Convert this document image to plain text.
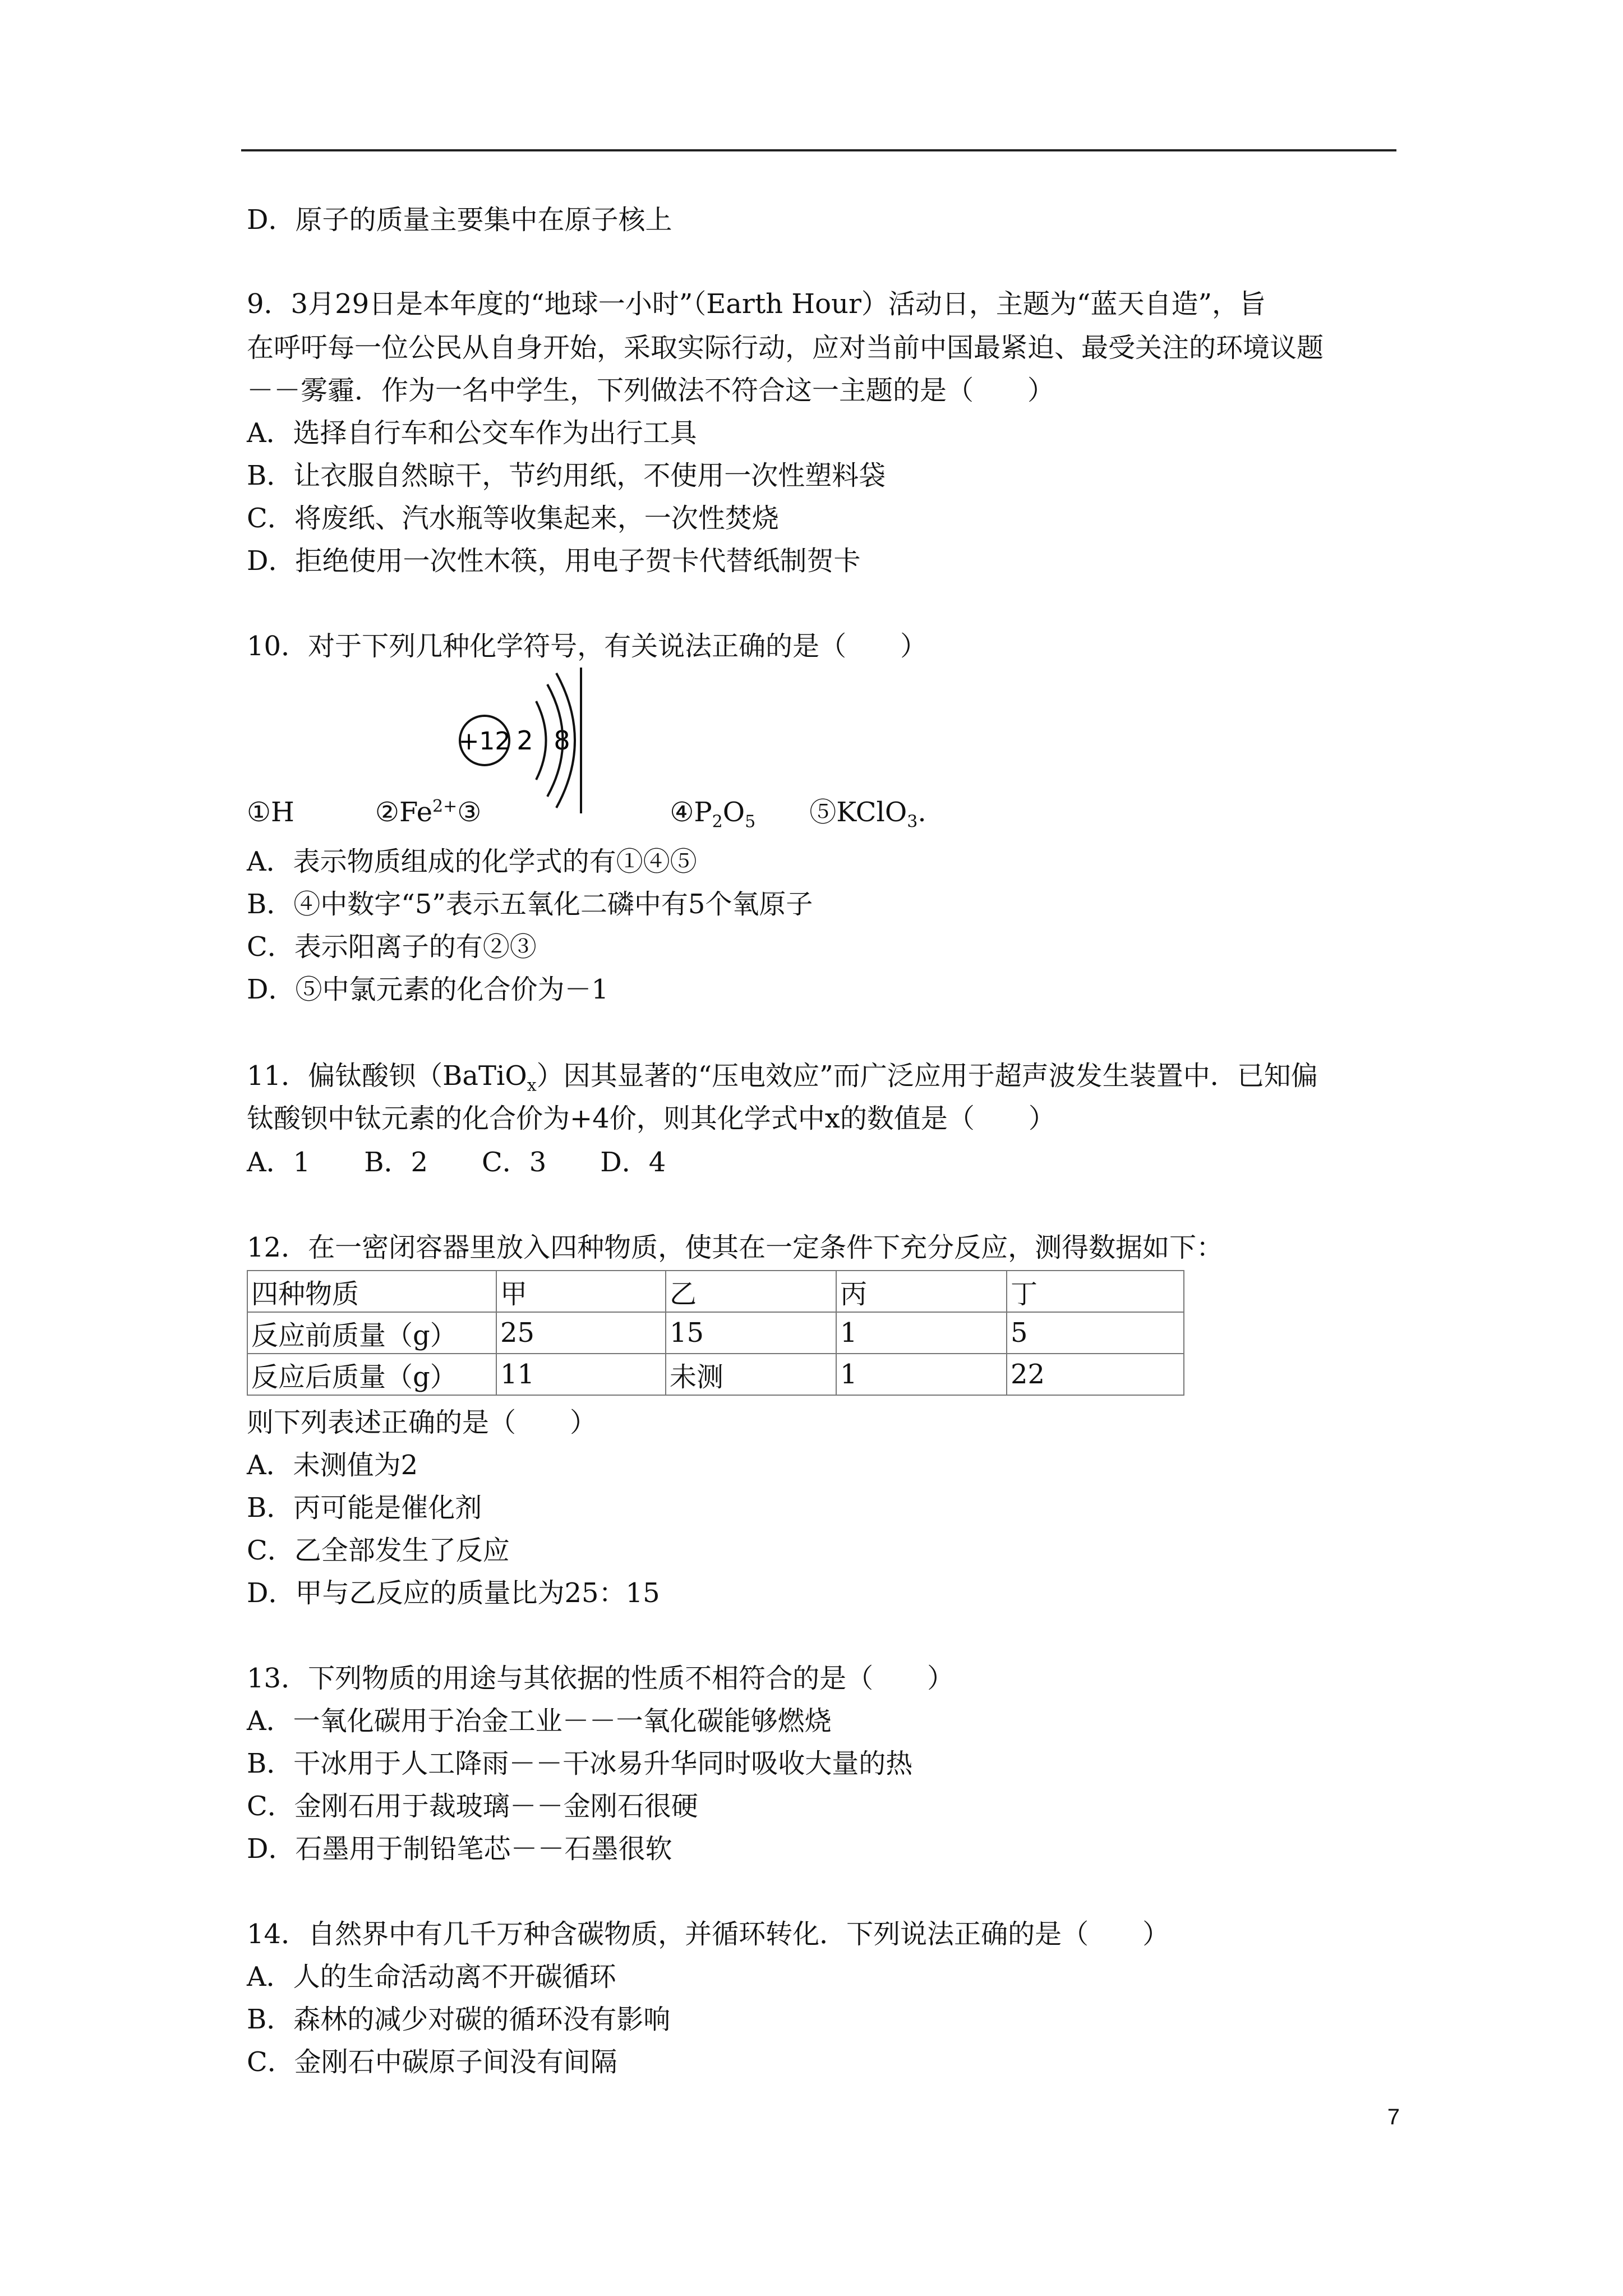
D．原子的质量主要集中在原子核上
9．3月29日是本年度的“地球一小时”（Earth Hour）活动日，主题为“蓝天自造”，旨
在呼吁每一位公民从自身开始，采取实际行动，应对当前中国最紧迫、最受关注的环境议题
－－雾霾．作为一名中学生，下列做法不符合这一主题的是（　　）
A．选择自行车和公交车作为出行工具
B．让衣服自然晾干，节约用纸，不使用一次性塑料袋
C．将废纸、汽水瓶等收集起来，一次性焚烧
D．拒绝使用一次性木筷，用电子贺卡代替纸制贺卡
10．对于下列几种化学符号，有关说法正确的是（　　）
+12 2 8
①H　　　	$②Fe^{2+}③$　　　　　　　	$④P_2O_5$　　 ⑤KClO$_3$.
A．表示物质组成的化学式的有①④⑤
B．④中数字“5”表示五氧化二磷中有5个氧原子
C．表示阳离子的有②③
D．⑤中氯元素的化合价为－1
11．偏钛酸钡（BaTiO$_x$）因其显著的“压电效应”而广泛应用于超声波发生装置中．已知偏
钛酸钡中钛元素的化合价为+4价，则其化学式中x的数值是（　　）
A．1　　B．2　　C．3　　D．4
12．在一密闭容器里放入四种物质，使其在一定条件下充分反应，测得数据如下：
四种物质	甲	乙	丙	丁
反应前质量（g）	25	15	1	5
反应后质量（g）	11	未测	1	22
则下列表述正确的是（　　）
A．未测值为2
B．丙可能是催化剂
C．乙全部发生了反应
D．甲与乙反应的质量比为25：15
13．下列物质的用途与其依据的性质不相符合的是（　　）
A．一氧化碳用于冶金工业－－一氧化碳能够燃烧
B．干冰用于人工降雨－－干冰易升华同时吸收大量的热
C．金刚石用于裁玻璃－－金刚石很硬
D．石墨用于制铅笔芯－－石墨很软
14．自然界中有几千万种含碳物质，并循环转化．下列说法正确的是（　　）
A．人的生命活动离不开碳循环
B．森林的减少对碳的循环没有影响
C．金刚石中碳原子间没有间隔
7
